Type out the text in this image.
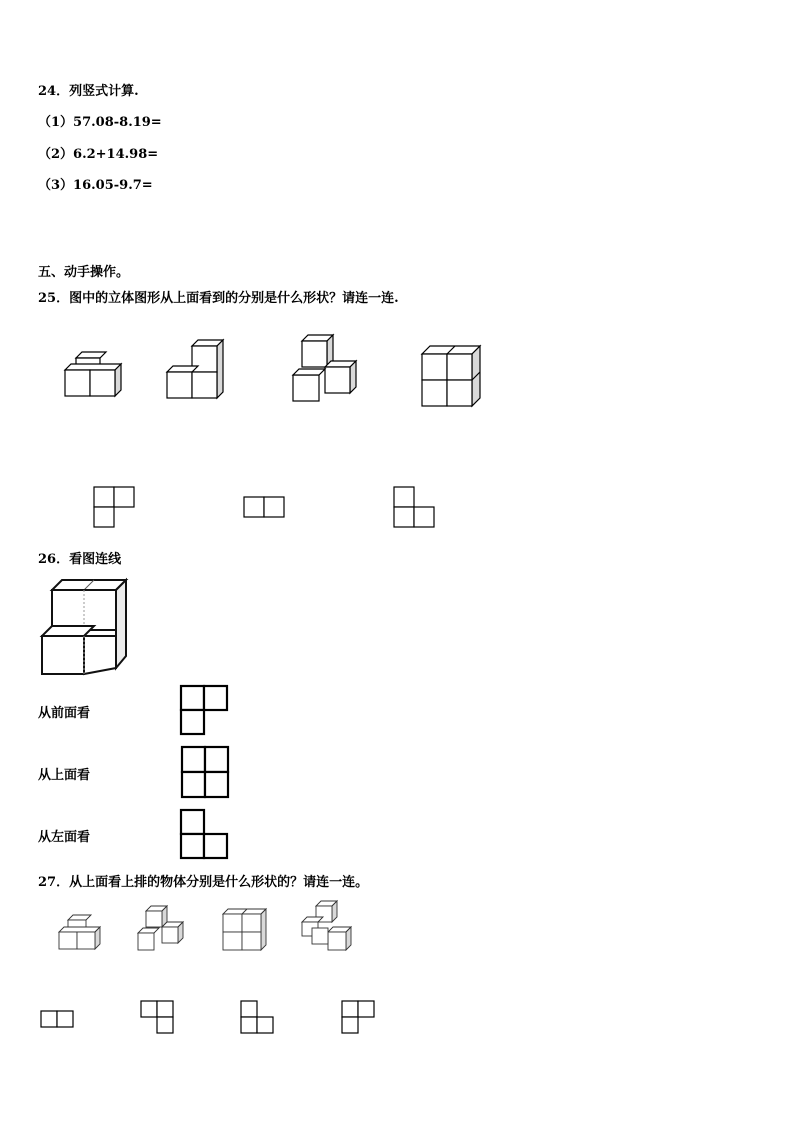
24．列竖式计算.
（1）57.08-8.19=
（2）6.2+14.98=
（3）16.05-9.7=
五、动手操作。
25．图中的立体图形从上面看到的分别是什么形状？请连一连.
26．看图连线
从前面看
从上面看
从左面看
27．从上面看上排的物体分别是什么形状的？请连一连。
